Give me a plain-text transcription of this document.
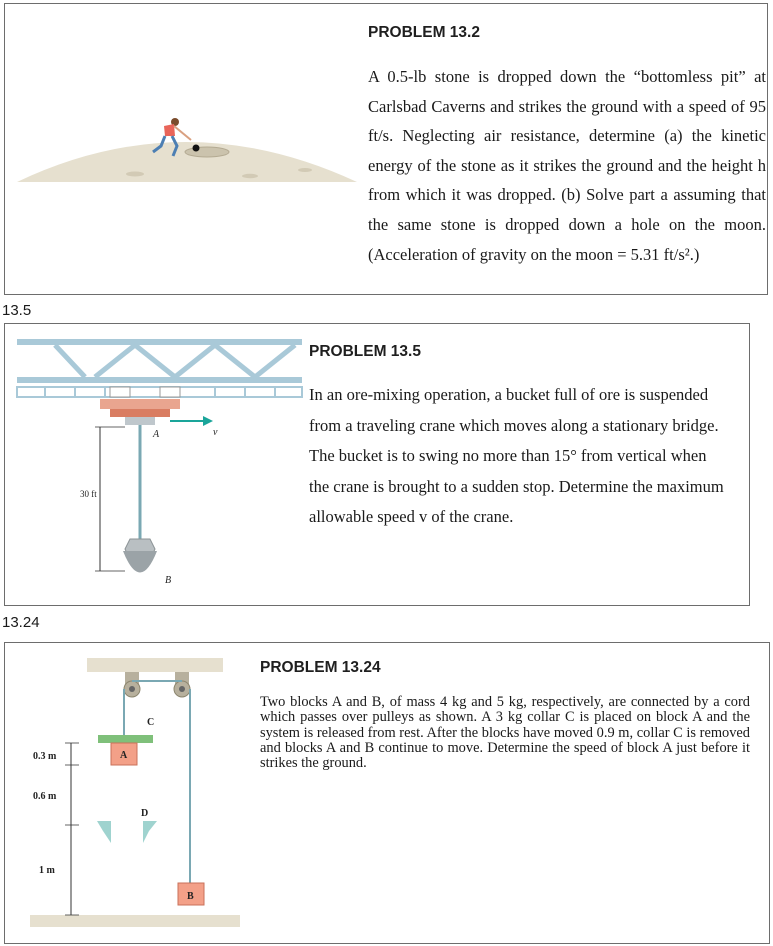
PROBLEM 13.2

A 0.5-lb stone is dropped down the “bottomless pit” at Carlsbad Caverns and strikes the ground with a speed of 95 ft/s. Neglecting air resistance, determine (a) the kinetic energy of the stone as it strikes the ground and the height h from which it was dropped. (b) Solve part a assuming that the same stone is dropped down a hole on the moon. (Acceleration of gravity on the moon = 5.31 ft/s².)

13.5
30 ft
A
B
v
PROBLEM 13.5

In an ore-mixing operation, a bucket full of ore is suspended from a traveling crane which moves along a stationary bridge. The bucket is to swing no more than 15° from vertical when the crane is brought to a sudden stop. Determine the maximum allowable speed v of the crane.

13.24
C
A
D
B
0.3 m
0.6 m
1 m
PROBLEM 13.24

Two blocks A and B, of mass 4 kg and 5 kg, respectively, are connected by a cord which passes over pulleys as shown. A 3 kg collar C is placed on block A and the system is released from rest. After the blocks have moved 0.9 m, collar C is removed and blocks A and B continue to move. Determine the speed of block A just before it strikes the ground.
